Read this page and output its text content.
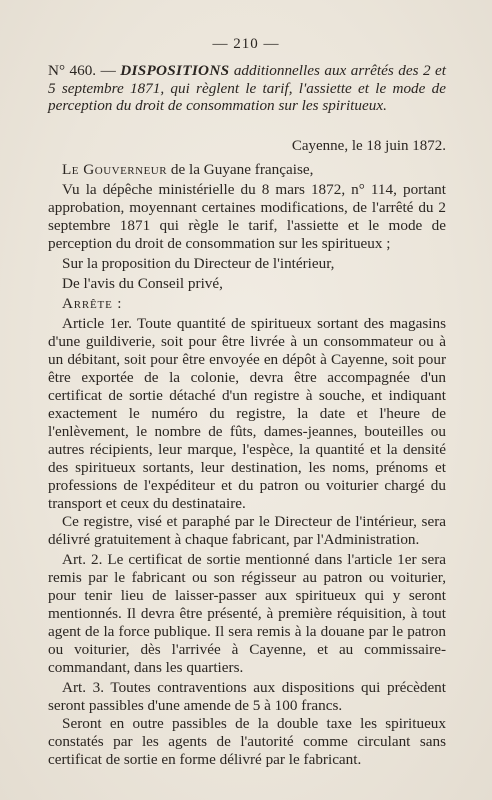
— 210 —

N° 460. — DISPOSITIONS additionnelles aux arrêtés des 2 et 5 septembre 1871, qui règlent le tarif, l'assiette et le mode de perception du droit de consommation sur les spiritueux.

Cayenne, le 18 juin 1872.

Le Gouverneur de la Guyane française,

Vu la dépêche ministérielle du 8 mars 1872, n° 114, portant approbation, moyennant certaines modifications, de l'arrêté du 2 septembre 1871 qui règle le tarif, l'assiette et le mode de perception du droit de consommation sur les spiritueux ;

Sur la proposition du Directeur de l'intérieur,

De l'avis du Conseil privé,

Arrête :

Article 1er. Toute quantité de spiritueux sortant des magasins d'une guildiverie, soit pour être livrée à un consommateur ou à un débitant, soit pour être envoyée en dépôt à Cayenne, soit pour être exportée de la colonie, devra être accompagnée d'un certificat de sortie détaché d'un registre à souche, et indiquant exactement le numéro du registre, la date et l'heure de l'enlèvement, le nombre de fûts, dames-jeannes, bouteilles ou autres récipients, leur marque, l'espèce, la quantité et la densité des spiritueux sortants, leur destination, les noms, prénoms et professions de l'expéditeur et du patron ou voiturier chargé du transport et ceux du destinataire.

Ce registre, visé et paraphé par le Directeur de l'intérieur, sera délivré gratuitement à chaque fabricant, par l'Administration.

Art. 2. Le certificat de sortie mentionné dans l'article 1er sera remis par le fabricant ou son régisseur au patron ou voiturier, pour tenir lieu de laisser-passer aux spiritueux qui y seront mentionnés. Il devra être présenté, à première réquisition, à tout agent de la force publique. Il sera remis à la douane par le patron ou voiturier, dès l'arrivée à Cayenne, et au commissaire-commandant, dans les quartiers.

Art. 3. Toutes contraventions aux dispositions qui précèdent seront passibles d'une amende de 5 à 100 francs.

Seront en outre passibles de la double taxe les spiritueux constatés par les agents de l'autorité comme circulant sans certificat de sortie en forme délivré par le fabricant.
